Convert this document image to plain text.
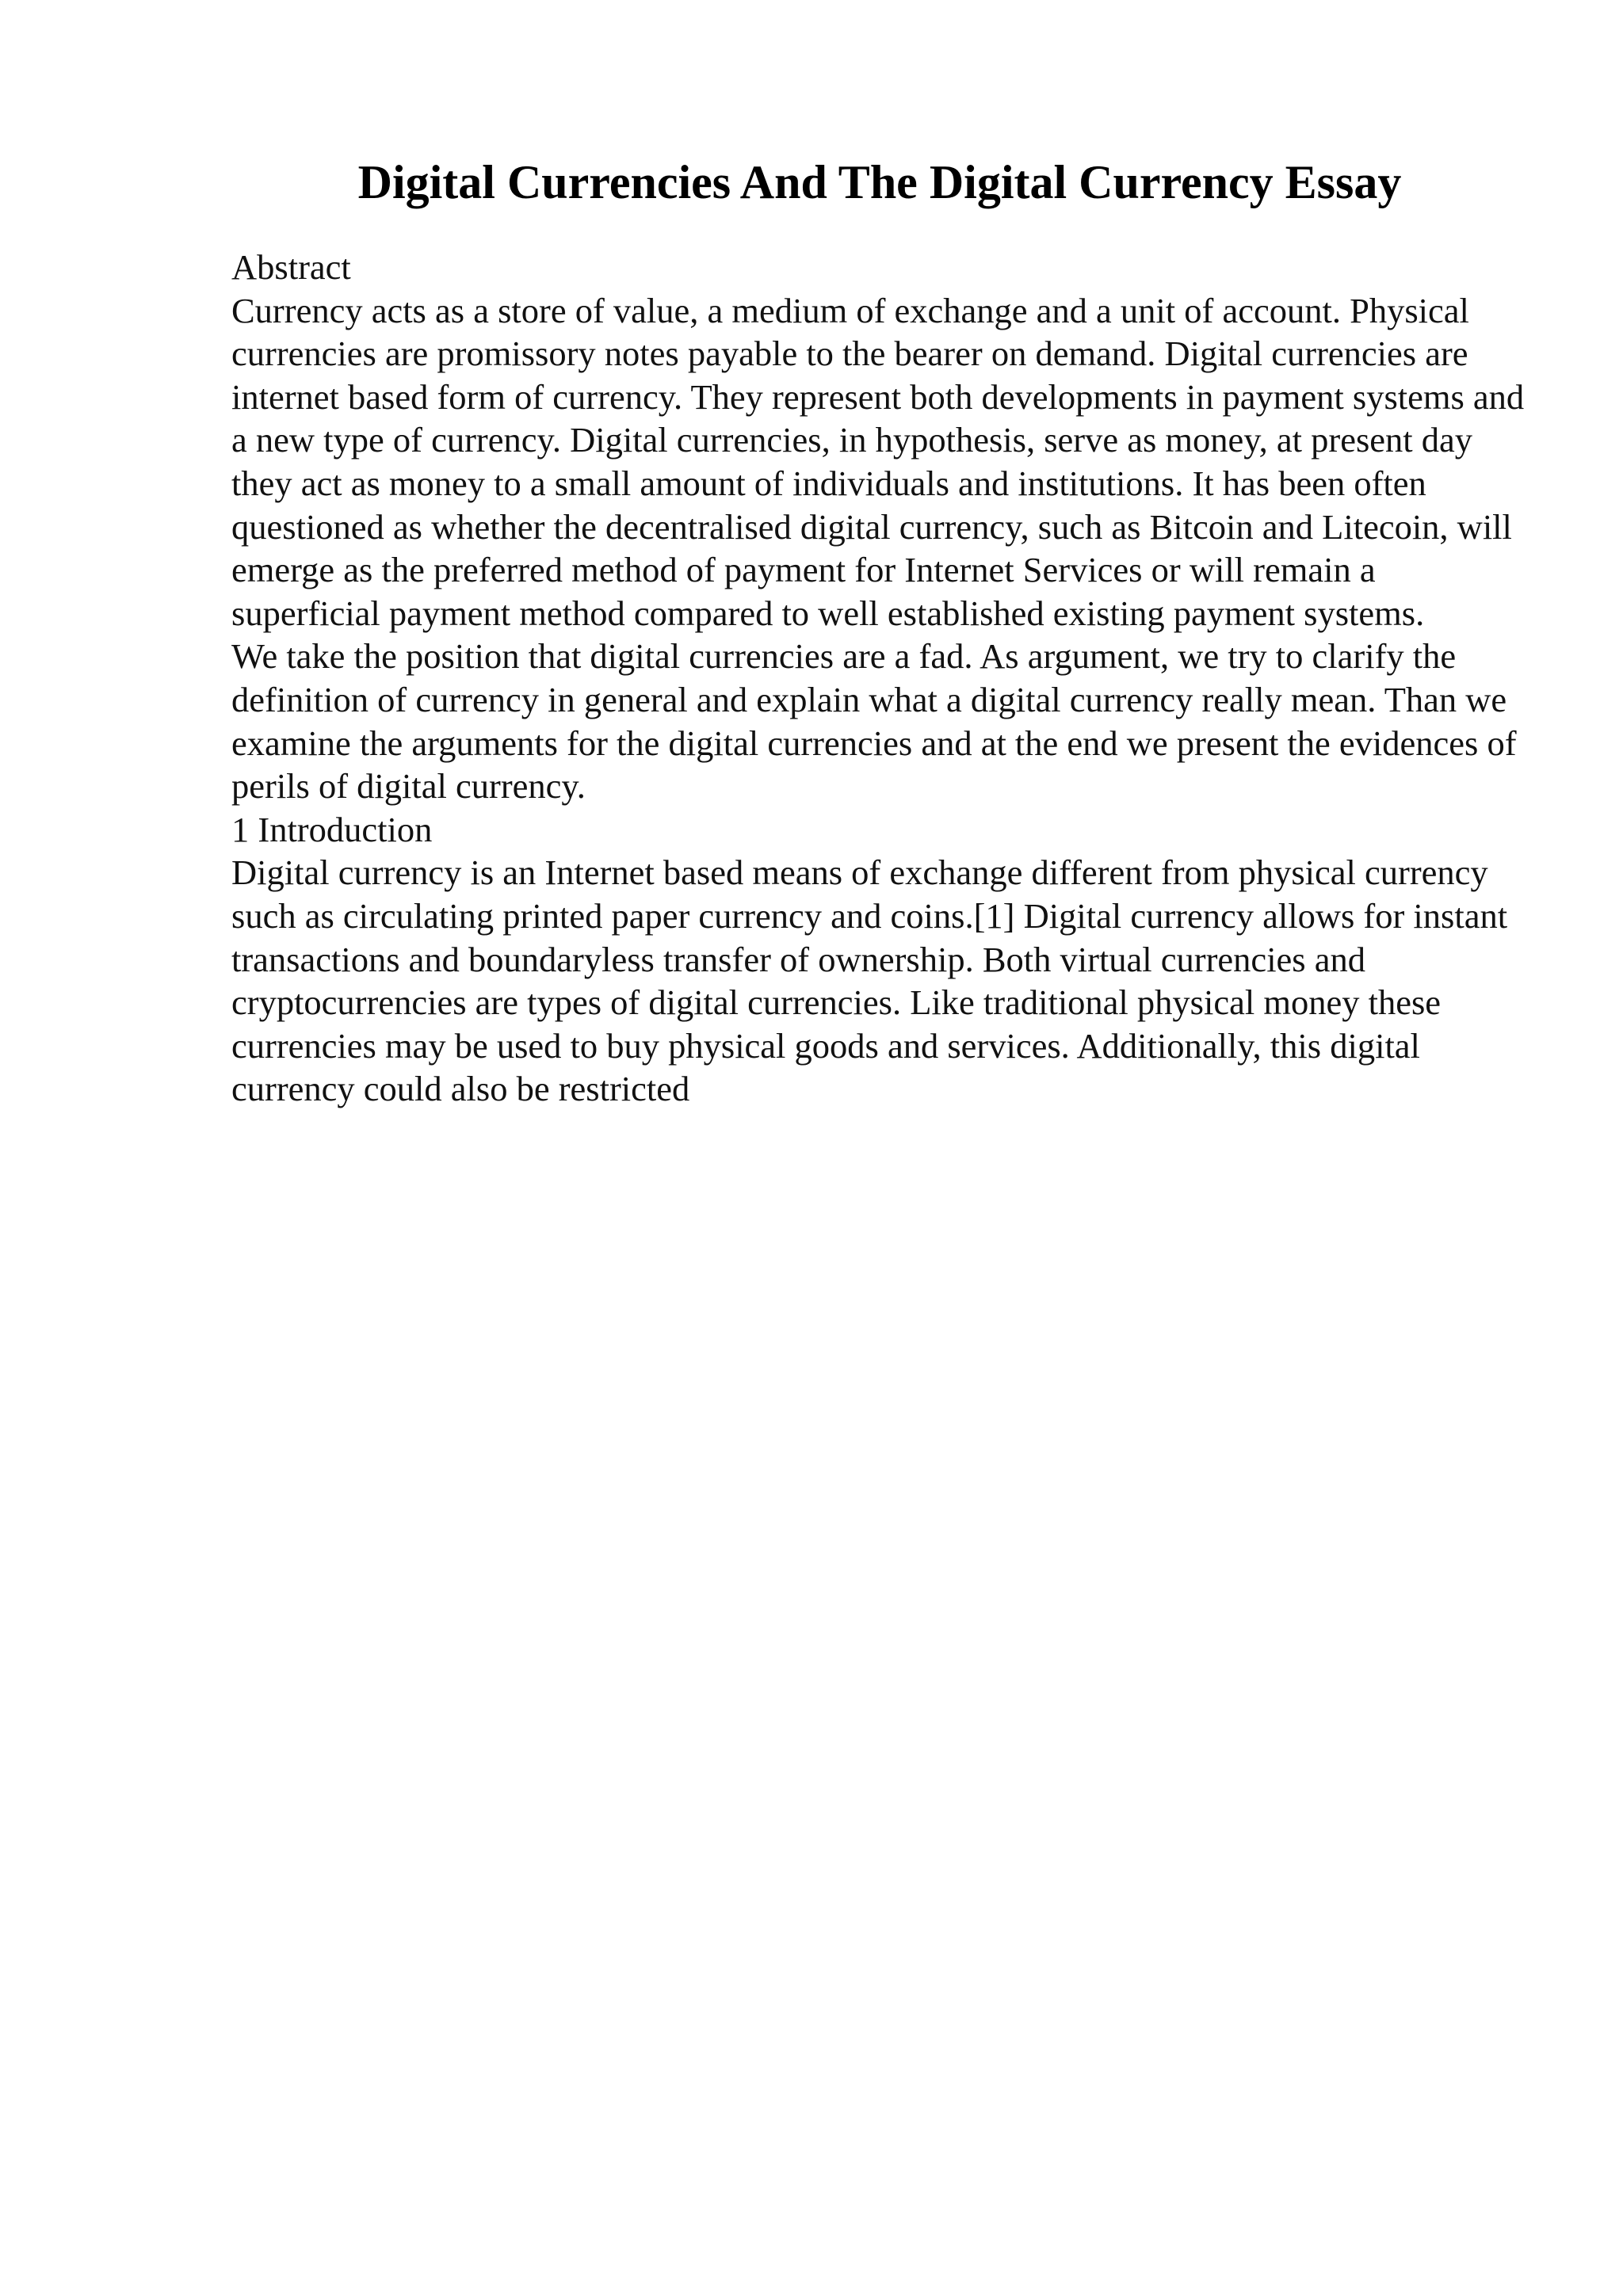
Digital Currencies And The Digital Currency Essay

Abstract

Currency acts as a store of value, a medium of exchange and a unit of account. Physical currencies are promissory notes payable to the bearer on demand. Digital currencies are internet based form of currency. They represent both developments in payment systems and a new type of currency. Digital currencies, in hypothesis, serve as money, at present day they act as money to a small amount of individuals and institutions. It has been often questioned as whether the decentralised digital currency, such as Bitcoin and Litecoin, will emerge as the preferred method of payment for Internet Services or will remain a superficial payment method compared to well established existing payment systems.

We take the position that digital currencies are a fad. As argument, we try to clarify the definition of currency in general and explain what a digital currency really mean. Than we examine the arguments for the digital currencies and at the end we present the evidences of perils of digital currency.

1 Introduction

Digital currency is an Internet based means of exchange different from physical currency such as circulating printed paper currency and coins.[1] Digital currency allows for instant transactions and boundaryless transfer of ownership. Both virtual currencies and cryptocurrencies are types of digital currencies. Like traditional physical money these currencies may be used to buy physical goods and services. Additionally, this digital currency could also be restricted
